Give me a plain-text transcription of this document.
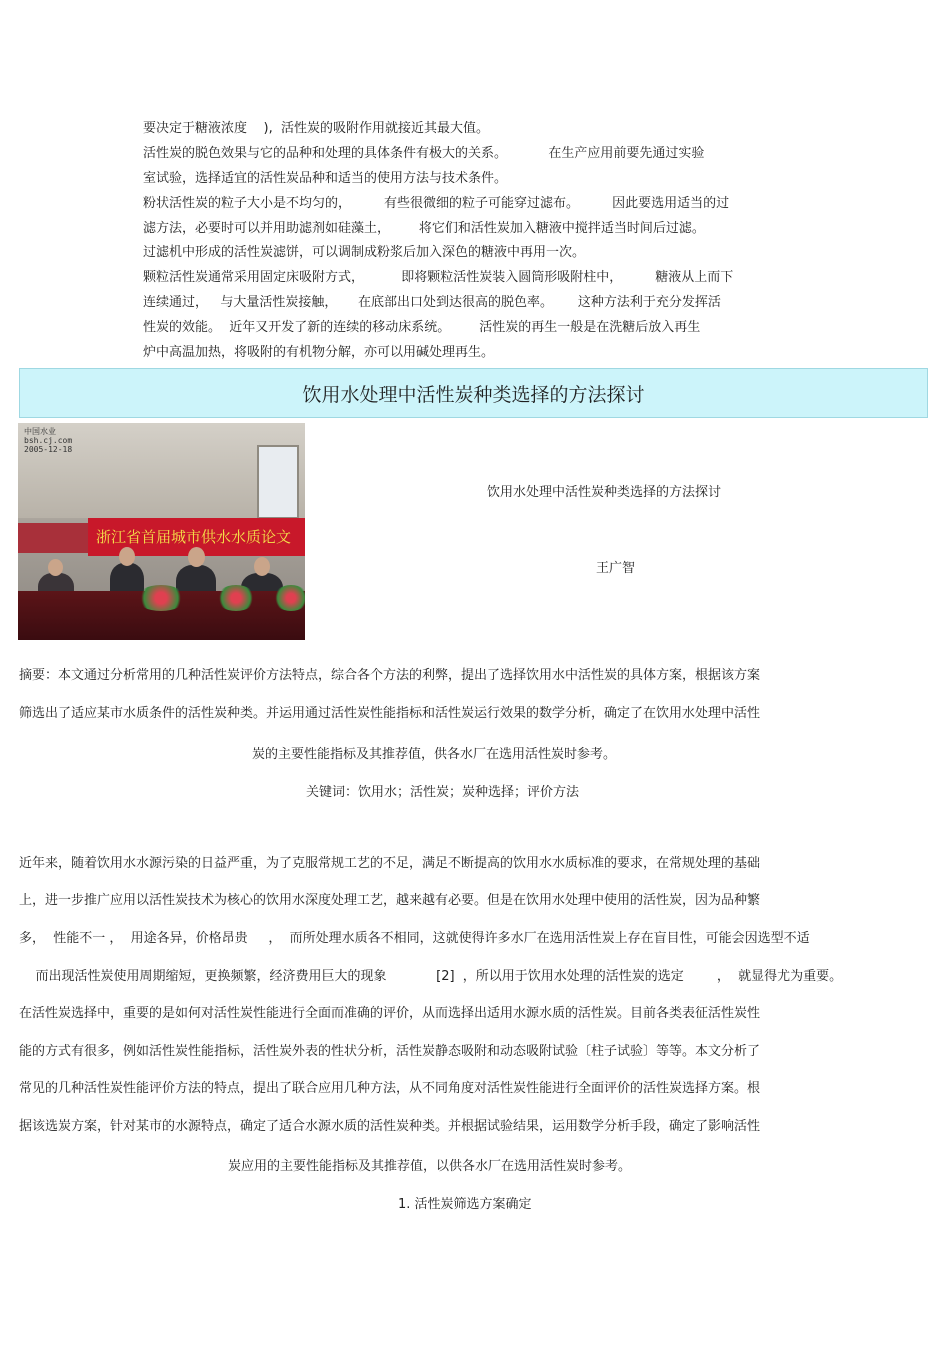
要决定于糖液浓度    ),  活性炭的吸附作用就接近其最大值。
活性炭的脱色效果与它的品种和处理的具体条件有极大的关系。          在生产应用前要先通过实验
室试验，选择适宜的活性炭品种和适当的使用方法与技术条件。
粉状活性炭的粒子大小是不均匀的，        有些很微细的粒子可能穿过滤布。        因此要选用适当的过
滤方法，必要时可以并用助滤剂如硅藻土，       将它们和活性炭加入糖液中搅拌适当时间后过滤。
过滤机中形成的活性炭滤饼，可以调制成粉浆后加入深色的糖液中再用一次。
颗粒活性炭通常采用固定床吸附方式，         即将颗粒活性炭装入圆筒形吸附柱中，        糖液从上而下
连续通过，   与大量活性炭接触，     在底部出口处到达很高的脱色率。      这种方法利于充分发挥活
性炭的效能。  近年又开发了新的连续的移动床系统。       活性炭的再生一般是在洗糖后放入再生
炉中高温加热，将吸附的有机物分解，亦可以用碱处理再生。
饮用水处理中活性炭种类选择的方法探讨
中国水业
bsh.cj.com
2005-12-18
浙江省首届城市供水水质论文
饮用水处理中活性炭种类选择的方法探讨
王广智
摘要：本文通过分析常用的几种活性炭评价方法特点，综合各个方法的利弊，提出了选择饮用水中活性炭的具体方案，根据该方案
筛选出了适应某市水质条件的活性炭种类。并运用通过活性炭性能指标和活性炭运行效果的数学分析，确定了在饮用水处理中活性
炭的主要性能指标及其推荐值，供各水厂在选用活性炭时参考。
关键词：饮用水；活性炭；炭种选择；评价方法
近年来，随着饮用水水源污染的日益严重，为了克服常规工艺的不足，满足不断提高的饮用水水质标准的要求，在常规处理的基础
上，进一步推广应用以活性炭技术为核心的饮用水深度处理工艺，越来越有必要。但是在饮用水处理中使用的活性炭，因为品种繁
多，  性能不一 ，  用途各异，价格昂贵     ，  而所处理水质各不相同，这就使得许多水厂在选用活性炭上存在盲目性，可能会因选型不适
而出现活性炭使用周期缩短，更换频繁，经济费用巨大的现象            [2]  ，所以用于饮用水处理的活性炭的选定        ，  就显得尤为重要。
在活性炭选择中，重要的是如何对活性炭性能进行全面而准确的评价，从而选择出适用水源水质的活性炭。目前各类表征活性炭性
能的方式有很多，例如活性炭性能指标，活性炭外表的性状分析，活性炭静态吸附和动态吸附试验〔柱子试验〕等等。本文分析了
常见的几种活性炭性能评价方法的特点，提出了联合应用几种方法，从不同角度对活性炭性能进行全面评价的活性炭选择方案。根
据该选炭方案，针对某市的水源特点，确定了适合水源水质的活性炭种类。并根据试验结果，运用数学分析手段，确定了影响活性
炭应用的主要性能指标及其推荐值，以供各水厂在选用活性炭时参考。
1. 活性炭筛选方案确定
